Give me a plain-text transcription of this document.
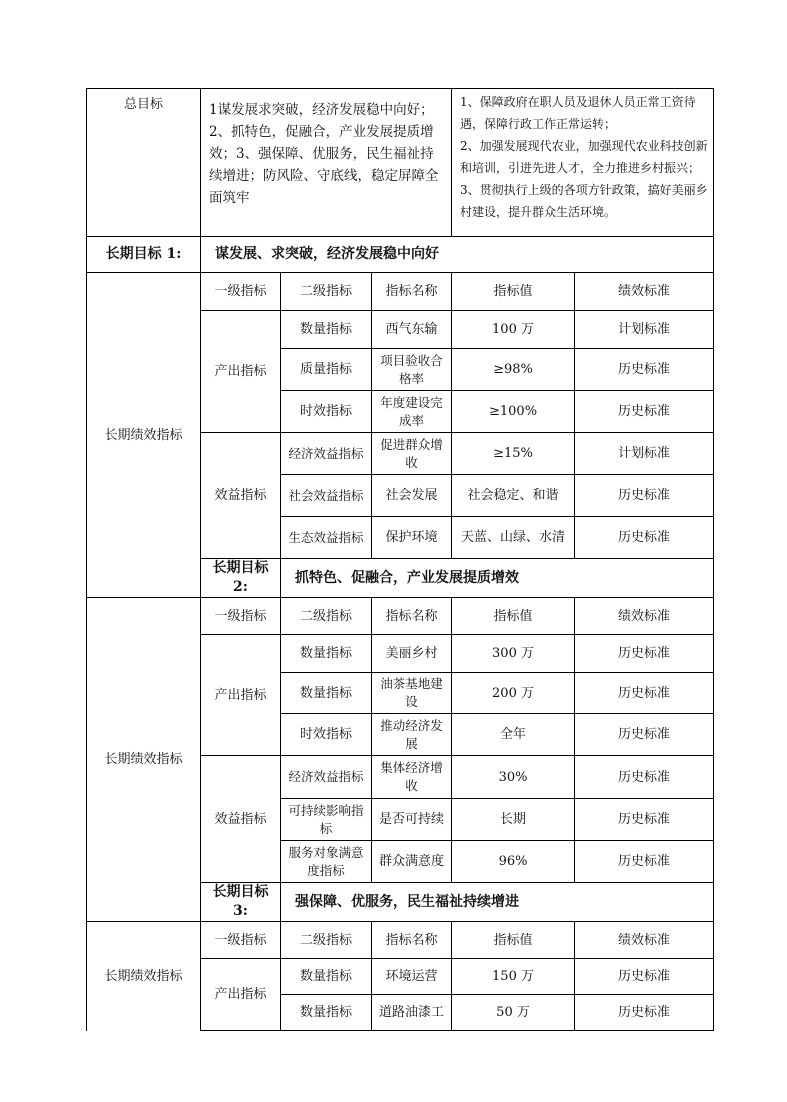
总目标	1谋发展求突破，经济发展稳中向好；2、抓特色，促融合，产业发展提质增效；3、强保障、优服务，民生福祉持续增进；防风险、守底线，稳定屏障全面筑牢			1、保障政府在职人员及退休人员正常工资待遇，保障行政工作正常运转；
2、加强发展现代农业，加强现代农业科技创新和培训，引进先进人才，全力推进乡村振兴；
3、贯彻执行上级的各项方针政策，搞好美丽乡村建设，提升群众生活环境。	

长期目标 1:	谋发展、求突破，经济发展稳中向好				
长期绩效指标	一级指标	二级指标	指标名称	指标值	绩效标准
	产出指标	数量指标	西气东输	100 万	计划标准
		质量指标	项目验收合格率	≥98%	历史标准
		时效指标	年度建设完成率	≥100%	历史标准
	效益指标	经济效益指标	促进群众增收	≥15%	计划标准
		社会效益指标	社会发展	社会稳定、和谐	历史标准
		生态效益指标	保护环境	天蓝、山绿、水清	历史标准
	长期目标 2:	抓特色、促融合，产业发展提质增效			
长期绩效指标	一级指标	二级指标	指标名称	指标值	绩效标准
	产出指标	数量指标	美丽乡村	300 万	历史标准
		数量指标	油茶基地建设	200 万	历史标准
		时效指标	推动经济发展	全年	历史标准
	效益指标	经济效益指标	集体经济增收	30%	历史标准
		可持续影响指标	是否可持续	长期	历史标准
		服务对象满意度指标	群众满意度	96%	历史标准
	长期目标 3:	强保障、优服务，民生福祉持续增进			
长期绩效指标	一级指标	二级指标	指标名称	指标值	绩效标准
	产出指标	数量指标	环境运营	150 万	历史标准
		数量指标	道路油漆工	50 万	历史标准
